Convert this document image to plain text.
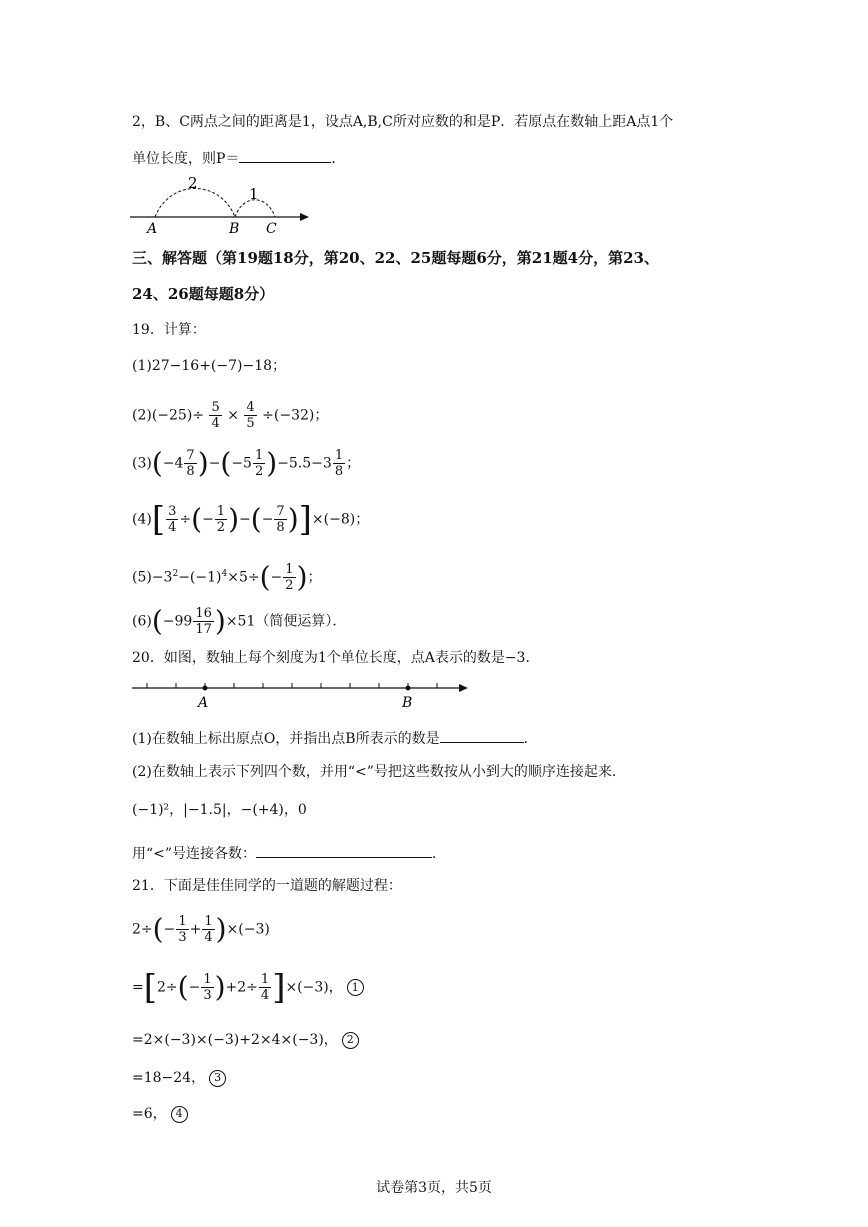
2，B、C两点之间的距离是1，设点A,B,C所对应数的和是P．若原点在数轴上距A点1个
单位长度，则P＝	．
2
1
A	B C
三、解答题（第19题18分，第20、22、25题每题6分，第21题4分，第23、
24、26题每题8分）
19．计算：
(1)27−16+(−7)−18；
$(2)(-25)\div \frac{5}{4} \times \frac{4}{5} \div(-32)$；
$(3)(-4 \frac{7}{8} )-(-5 \frac{1}{2} )-5.5-3 \frac{1}{8}$ ；
$(4)[ \frac{3}{4}$ ÷(− $\frac{1}{2}$ )−(− $\frac{7}{8} )]\times(-8)$；
$(5)-3^2-(-1)^4\times 5\div(- \frac{1}{2}$ )；
$(6)(-99 \frac{16}{17} )\times 51$（简便运算）．
20．如图，数轴上每个刻度为1个单位长度，点A表示的数是−3．
A	B
(1)在数轴上标出原点O，并指出点B所表示的数是	．
(2)在数轴上表示下列四个数，并用“<”号把这些数按从小到大的顺序连接起来．
(−1)²，|−1.5|，−(+4)，0
用“<”号连接各数：	．
21．下面是佳佳同学的一道题的解题过程：
$2\div(- \frac{1}{3} + \frac{1}{4} )\times(-3)$
$=[2\div(- \frac{1}{3} )+2\div \frac{1}{4} ]\times(-3)$， 1
=2×(−3)×(−3)+2×4×(−3)， 2
=18−24， 3
=6， 4
试卷第3页，共5页
